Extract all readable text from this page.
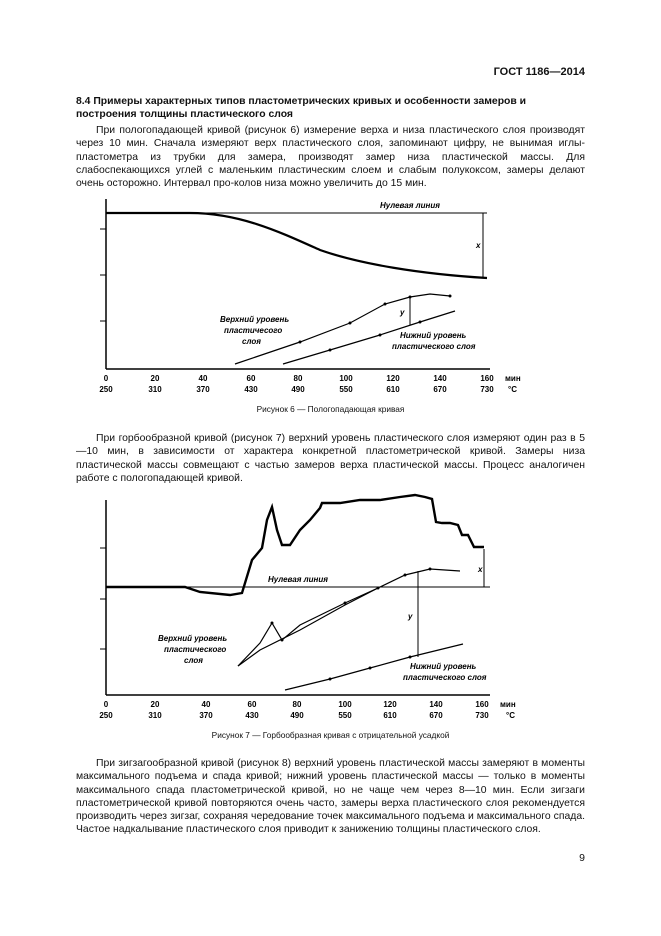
ГОСТ 1186—2014
8.4 Примеры характерных типов пластометрических кривых и особенности замеров и построения толщины пластического слоя
При пологопадающей кривой (рисунок 6) измерение верха и низа пластического слоя производят через 10 мин. Сначала измеряют верх пластического слоя, запоминают цифру, не вынимая иглы-пластометра из трубки для замера, производят замер низа пластической массы. Для слабоспекающихся углей с маленьким пластическим слоем и слабым полукоксом, замеры делают очень осторожно. Интервал про-колов низа можно увеличить до 15 мин.
Нулевая линия
x
y
Верхний уровень
пластичесого
слоя
Нижний уровень
пластического слоя
0	20	40	60	80	100	120	140	160
250	310	370	430	490	550	610	670	730
мин
°С
Нулевая линия
x
y
Верхний уровень
пластического
слоя
Нижний уровень
пластического слоя
0	20	40	60	80	100	120	140	160
250	310	370	430	490	550	610	670	730
мин
°С
Рисунок 6 — Пологопадающая кривая
При горбообразной кривой (рисунок 7) верхний уровень пластического слоя измеряют один раз в 5—10 мин, в зависимости от характера конкретной пластометрической кривой. Замеры низа пластической массы совмещают с частью замеров верха пластической массы. Процесс аналогичен работе с пологопадающей кривой.
Рисунок 7 — Горбообразная кривая с отрицательной усадкой
При зигзагообразной кривой (рисунок 8) верхний уровень пластической массы замеряют в моменты максимального подъема и спада кривой; нижний уровень пластической массы — только в моменты максимального спада пластометрической кривой, но не чаще чем через 8—10 мин. Если зигзаги пластометрической кривой повторяются очень часто, замеры верха пластического слоя рекомендуется производить через зигзаг, сохраняя чередование точек максимального подъема и максимального спада. Частое надкалывание пластического слоя приводит к занижению толщины пластического слоя.
9
